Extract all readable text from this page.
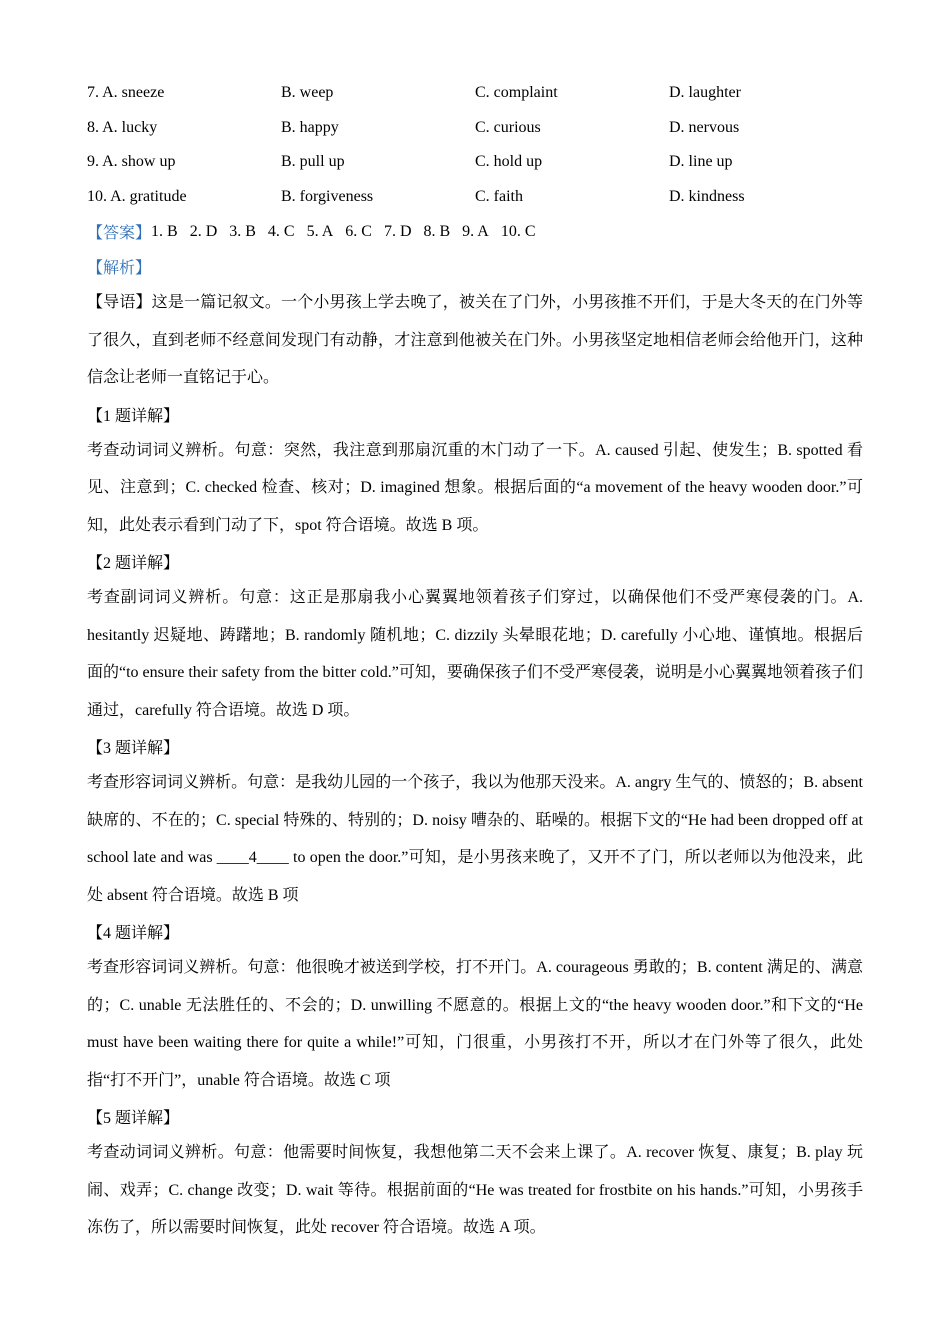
7. A. sneeze	B. weep	C. complaint	D. laughter
8. A. lucky	B. happy	C. curious	D. nervous
9. A. show up	B. pull up	C. hold up	D. line up
10. A. gratitude	B. forgiveness	C. faith	D. kindness
【答案】 1. B 2. D 3. B 4. C 5. A 6. C 7. D 8. B 9. A 10. C
【解析】

【导语】这是一篇记叙文。一个小男孩上学去晚了，被关在了门外，小男孩推不开们，于是大冬天的在门外等了很久，直到老师不经意间发现门有动静，才注意到他被关在门外。小男孩坚定地相信老师会给他开门，这种信念让老师一直铭记于心。

【1 题详解】

考查动词词义辨析。句意：突然，我注意到那扇沉重的木门动了一下。A. caused 引起、使发生；B. spotted 看见、注意到；C. checked 检查、核对；D. imagined 想象。根据后面的“a movement of the heavy wooden door.”可知，此处表示看到门动了下，spot 符合语境。故选 B 项。

【2 题详解】

考查副词词义辨析。句意：这正是那扇我小心翼翼地领着孩子们穿过，以确保他们不受严寒侵袭的门。A. hesitantly 迟疑地、踌躇地；B. randomly 随机地；C. dizzily 头晕眼花地；D. carefully 小心地、谨慎地。根据后面的“to ensure their safety from the bitter cold.”可知，要确保孩子们不受严寒侵袭，说明是小心翼翼地领着孩子们通过，carefully 符合语境。故选 D 项。

【3 题详解】

考查形容词词义辨析。句意：是我幼儿园的一个孩子，我以为他那天没来。A. angry 生气的、愤怒的；B. absent 缺席的、不在的；C. special 特殊的、特别的；D. noisy 嘈杂的、聒噪的。根据下文的“He had been dropped off at school late and was ____4____ to open the door.”可知，是小男孩来晚了，又开不了门，所以老师以为他没来，此处 absent 符合语境。故选 B 项

【4 题详解】

考查形容词词义辨析。句意：他很晚才被送到学校，打不开门。A. courageous 勇敢的；B. content 满足的、满意的；C. unable 无法胜任的、不会的；D. unwilling 不愿意的。根据上文的“the heavy wooden door.”和下文的“He must have been waiting there for quite a while!”可知，门很重，小男孩打不开，所以才在门外等了很久，此处指“打不开门”，unable 符合语境。故选 C 项

【5 题详解】

考查动词词义辨析。句意：他需要时间恢复，我想他第二天不会来上课了。A. recover 恢复、康复；B. play 玩闹、戏弄；C. change 改变；D. wait 等待。根据前面的“He was treated for frostbite on his hands.”可知，小男孩手冻伤了，所以需要时间恢复，此处 recover 符合语境。故选 A 项。
